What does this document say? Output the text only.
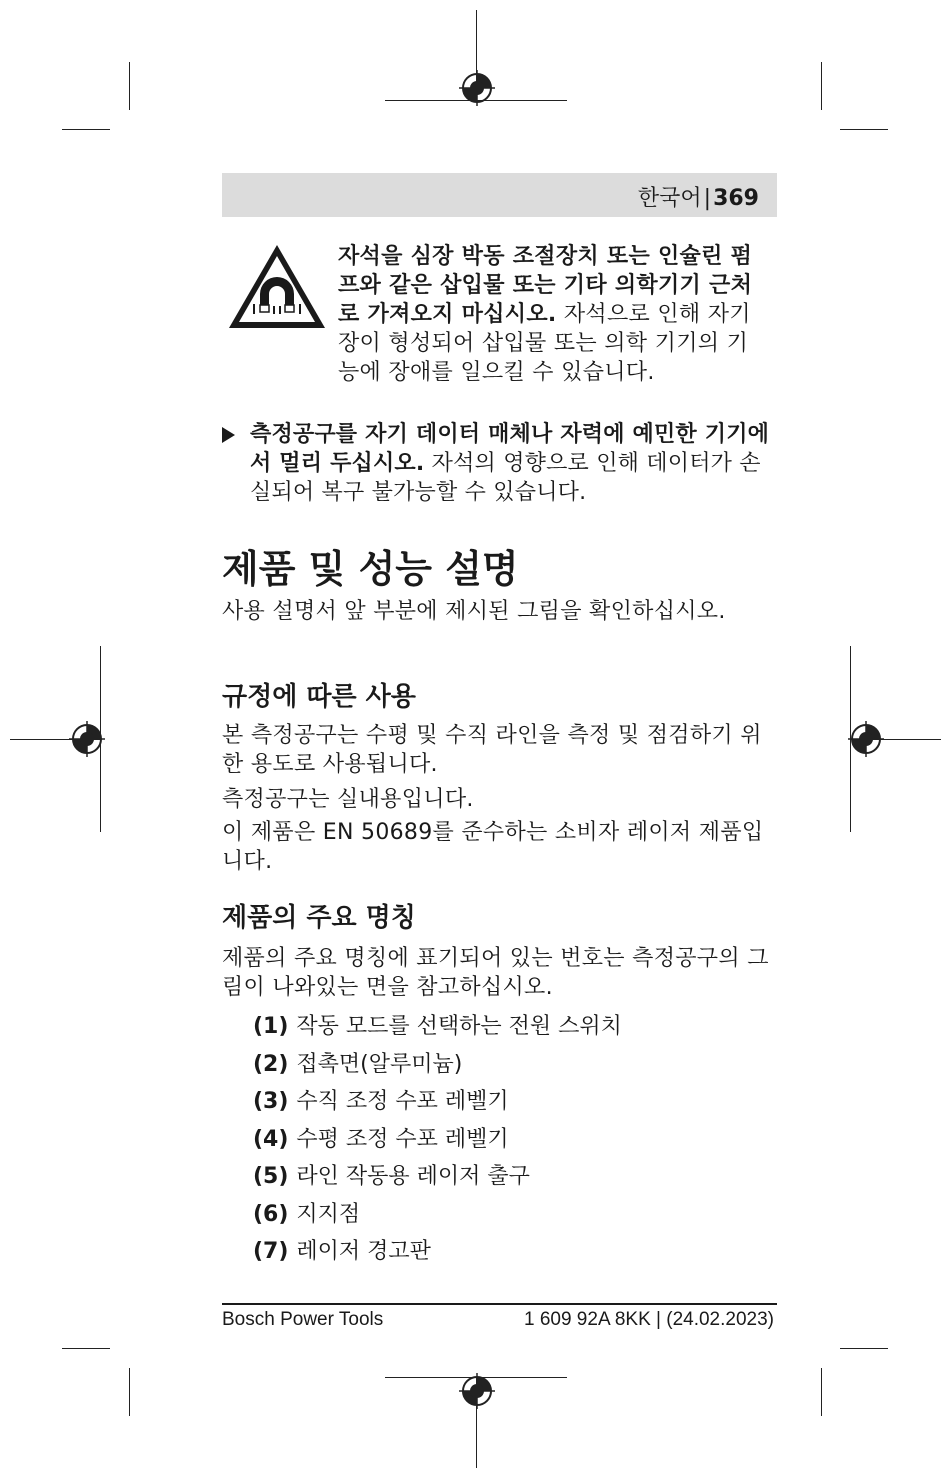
한국어|369
자석을 심장 박동 조절장치 또는 인슐린 펌프와 같은 삽입물 또는 기타 의학기기 근처로 가져오지 마십시오. 자석으로 인해 자기장이 형성되어 삽입물 또는 의학 기기의 기능에 장애를 일으킬 수 있습니다.
측정공구를 자기 데이터 매체나 자력에 예민한 기기에서 멀리 두십시오. 자석의 영향으로 인해 데이터가 손실되어 복구 불가능할 수 있습니다.
제품 및 성능 설명
사용 설명서 앞 부분에 제시된 그림을 확인하십시오.
규정에 따른 사용
본 측정공구는 수평 및 수직 라인을 측정 및 점검하기 위한 용도로 사용됩니다.
측정공구는 실내용입니다.
이 제품은 EN 50689를 준수하는 소비자 레이저 제품입니다.
제품의 주요 명칭
제품의 주요 명칭에 표기되어 있는 번호는 측정공구의 그림이 나와있는 면을 참고하십시오.
(1) 작동 모드를 선택하는 전원 스위치
(2) 접촉면(알루미늄)
(3) 수직 조정 수포 레벨기
(4) 수평 조정 수포 레벨기
(5) 라인 작동용 레이저 출구
(6) 지지점
(7) 레이저 경고판
Bosch Power Tools	1 609 92A 8KK | (24.02.2023)
